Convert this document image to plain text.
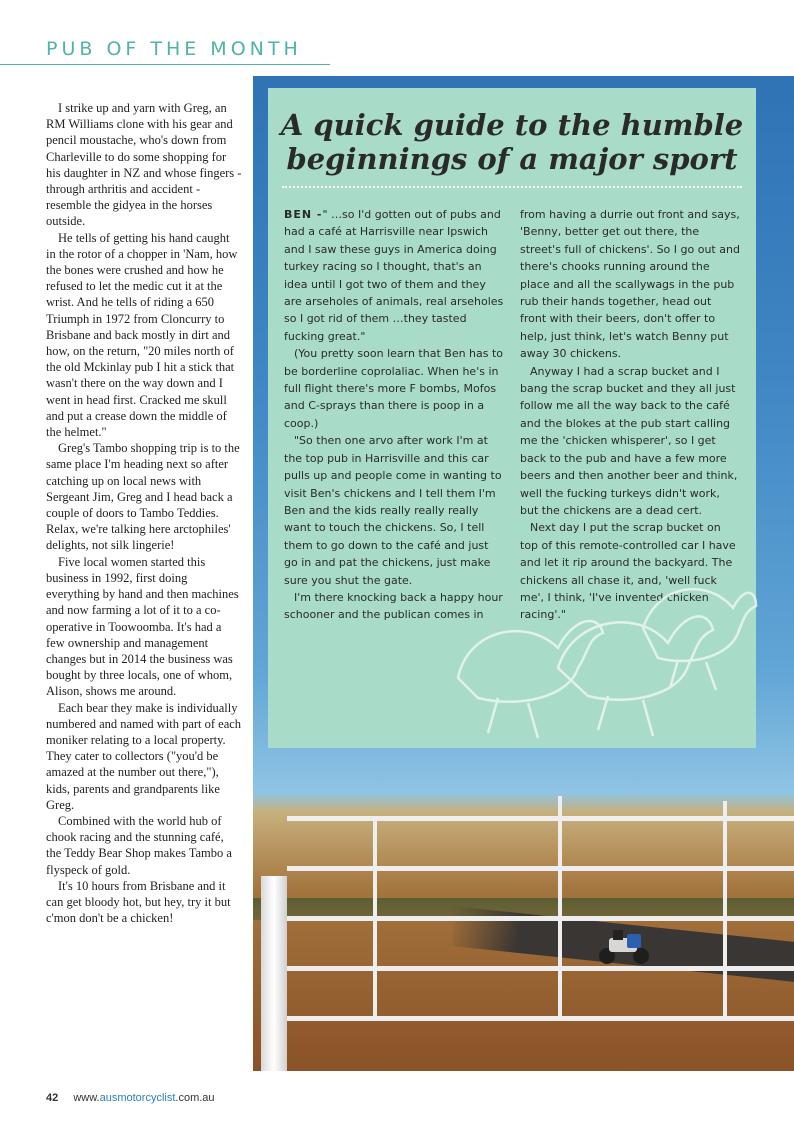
PUB OF THE MONTH

I strike up and yarn with Greg, an RM Williams clone with his gear and pencil moustache, who's down from Charleville to do some shopping for his daughter in NZ and whose fingers - through arthritis and accident - resemble the gidyea in the horses outside.

He tells of getting his hand caught in the rotor of a chopper in 'Nam, how the bones were crushed and how he refused to let the medic cut it at the wrist. And he tells of riding a 650 Triumph in 1972 from Cloncurry to Brisbane and back mostly in dirt and how, on the return, "20 miles north of the old Mckinlay pub I hit a stick that wasn't there on the way down and I went in head first. Cracked me skull and put a crease down the middle of the helmet."

Greg's Tambo shopping trip is to the same place I'm heading next so after catching up on local news with Sergeant Jim, Greg and I head back a couple of doors to Tambo Teddies. Relax, we're talking here arctophiles' delights, not silk lingerie!

Five local women started this business in 1992, first doing everything by hand and then machines and now farming a lot of it to a co-operative in Toowoomba. It's had a few ownership and management changes but in 2014 the business was bought by three locals, one of whom, Alison, shows me around.

Each bear they make is individually numbered and named with part of each moniker relating to a local property. They cater to collectors ("you'd be amazed at the number out there,"), kids, parents and grandparents like Greg.

Combined with the world hub of chook racing and the stunning café, the Teddy Bear Shop makes Tambo a flyspeck of gold.

It's 10 hours from Brisbane and it can get bloody hot, but hey, try it but c'mon don't be a chicken!

A quick guide to the humble
beginnings of a major sport

BEN -" …so I'd gotten out of pubs and had a café at Harrisville near Ipswich and I saw these guys in America doing turkey racing so I thought, that's an idea until I got two of them and they are arseholes of animals, real arseholes so I got rid of them …they tasted fucking great."

(You pretty soon learn that Ben has to be borderline coprolaliac. When he's in full flight there's more F bombs, Mofos and C-sprays than there is poop in a coop.)

"So then one arvo after work I'm at the top pub in Harrisville and this car pulls up and people come in wanting to visit Ben's chickens and I tell them I'm Ben and the kids really really really want to touch the chickens. So, I tell them to go down to the café and just go in and pat the chickens, just make sure you shut the gate.

I'm there knocking back a happy hour schooner and the publican comes in

from having a durrie out front and says, 'Benny, better get out there, the street's full of chickens'. So I go out and there's chooks running around the place and all the scallywags in the pub rub their hands together, head out front with their beers, don't offer to help, just think, let's watch Benny put away 30 chickens.

Anyway I had a scrap bucket and I bang the scrap bucket and they all just follow me all the way back to the café and the blokes at the pub start calling me the 'chicken whisperer', so I get back to the pub and have a few more beers and then another beer and think, well the fucking turkeys didn't work, but the chickens are a dead cert.

Next day I put the scrap bucket on top of this remote-controlled car I have and let it rip around the backyard. The chickens all chase it, and, 'well fuck me', I think, 'I've invented chicken racing'."

42 www.ausmotorcyclist.com.au
